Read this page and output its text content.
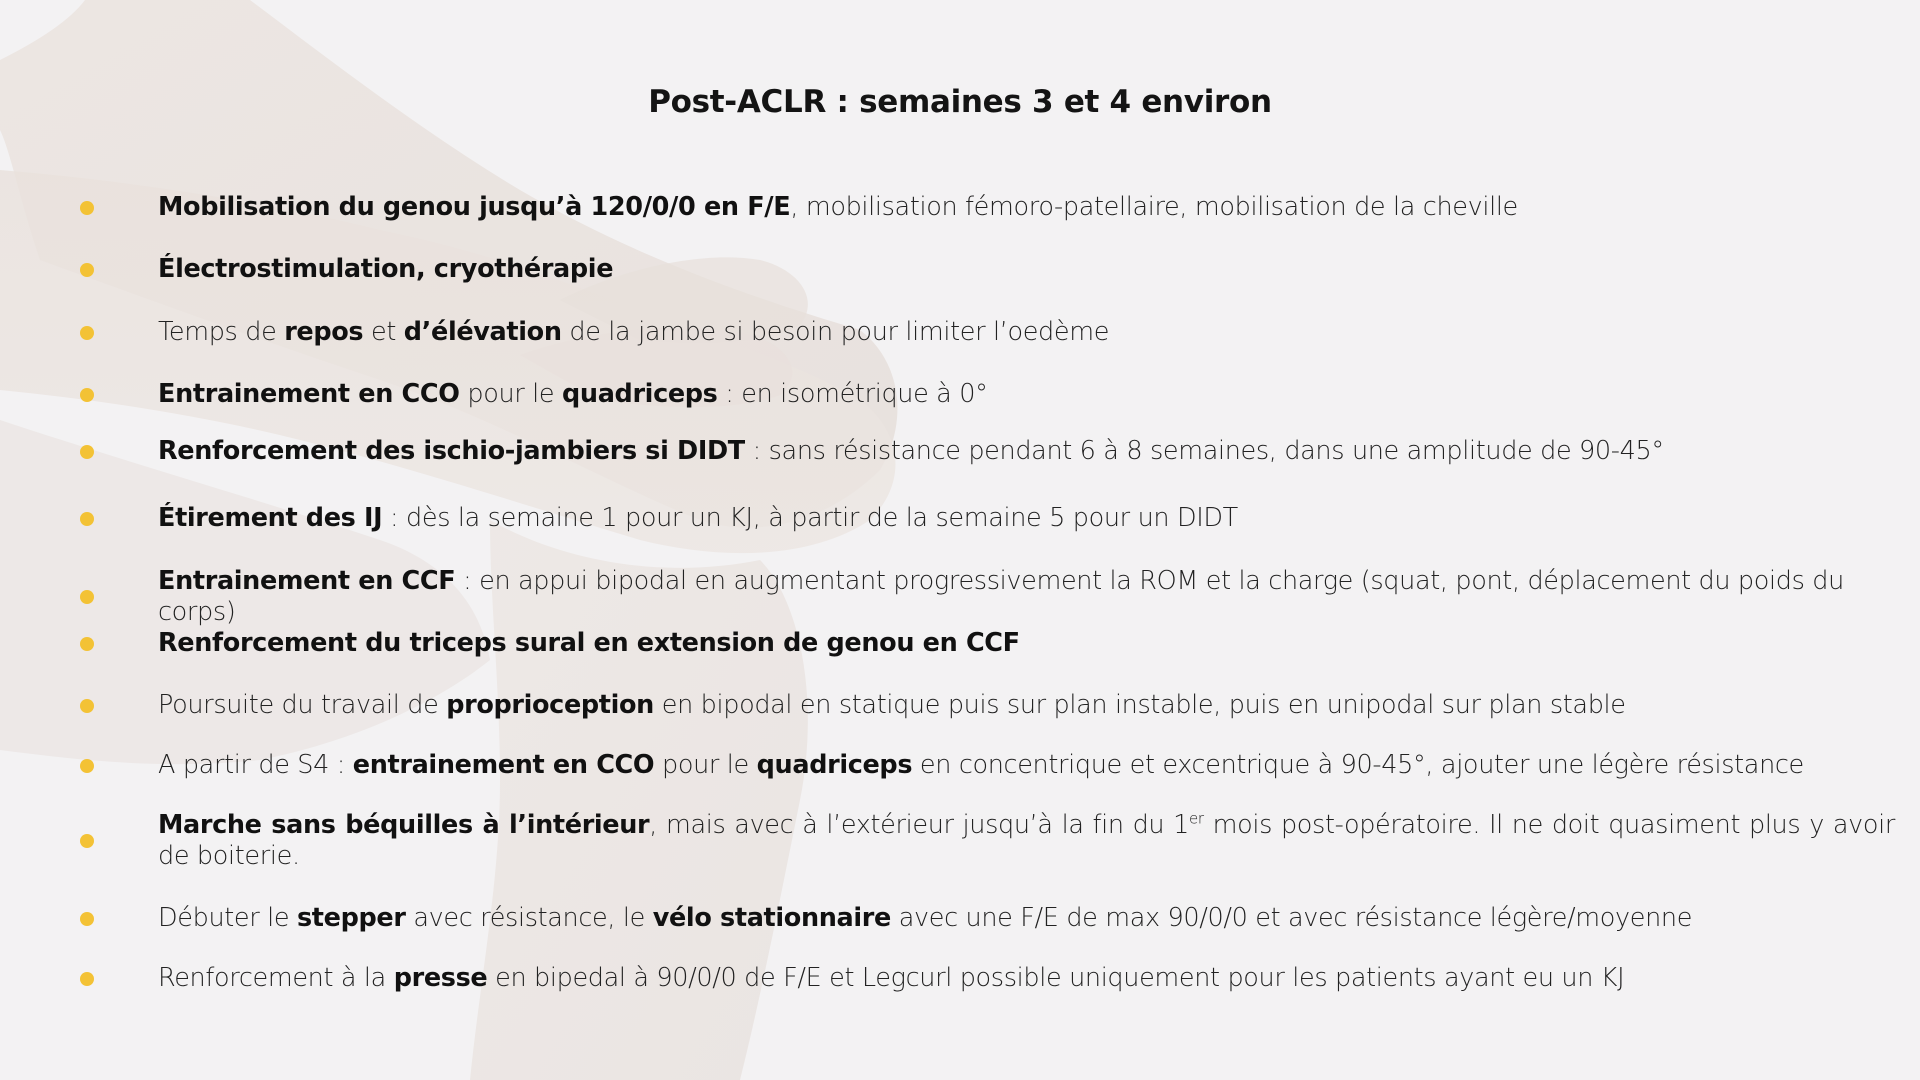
Post-ACLR : semaines 3 et 4 environ
Mobilisation du genou jusqu’à 120/0/0 en F/E, mobilisation fémoro-patellaire, mobilisation de la cheville
Électrostimulation, cryothérapie
Temps de repos et d’élévation de la jambe si besoin pour limiter l’oedème
Entrainement en CCO pour le quadriceps : en isométrique à 0°
Renforcement des ischio-jambiers si DIDT : sans résistance pendant 6 à 8 semaines, dans une amplitude de 90-45°
Étirement des IJ : dès la semaine 1 pour un KJ, à partir de la semaine 5 pour un DIDT
Entrainement en CCF : en appui bipodal en augmentant progressivement la ROM et la charge (squat, pont, déplacement du poids du corps)
Renforcement du triceps sural en extension de genou en CCF
Poursuite du travail de proprioception en bipodal en statique puis sur plan instable, puis en unipodal sur plan stable
A partir de S4 : entrainement en CCO pour le quadriceps en concentrique et excentrique à 90-45°, ajouter une légère résistance
Marche sans béquilles à l’intérieur, mais avec à l’extérieur jusqu’à la fin du 1er mois post-opératoire. Il ne doit quasiment plus y avoir de boiterie.
Débuter le stepper avec résistance, le vélo stationnaire avec une F/E de max 90/0/0 et avec résistance légère/moyenne
Renforcement à la presse en bipedal à 90/0/0 de F/E et Legcurl possible uniquement pour les patients ayant eu un KJ
